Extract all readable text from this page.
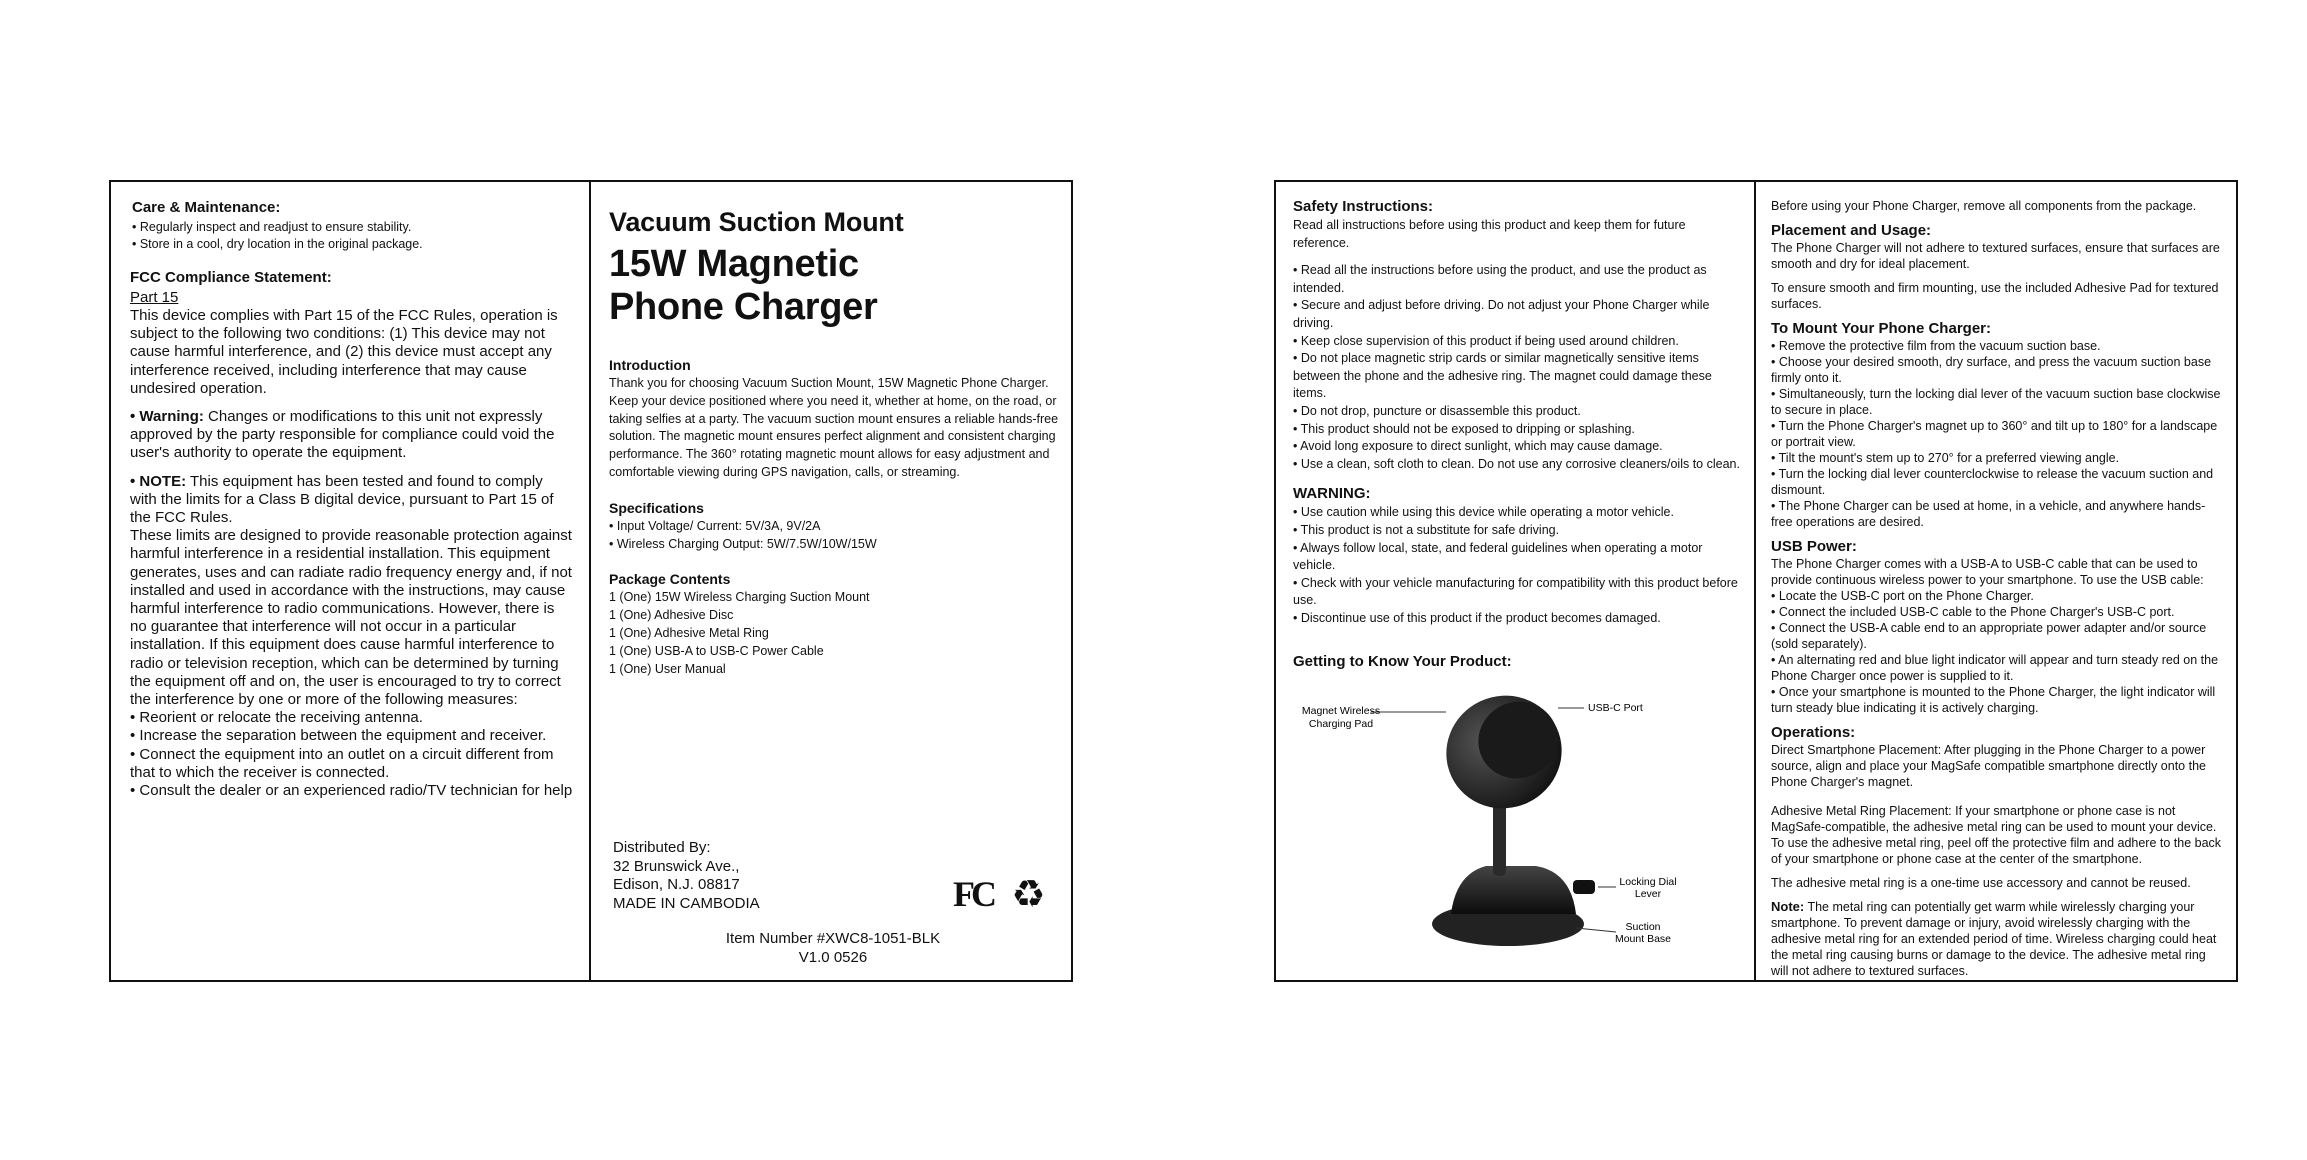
Care & Maintenance:
• Regularly inspect and readjust to ensure stability.
• Store in a cool, dry location in the original package.
FCC Compliance Statement:
Part 15

This device complies with Part 15 of the FCC Rules, operation is subject to the following two conditions: (1) This device may not cause harmful interference, and (2) this device must accept any interference received, including interference that may cause undesired operation.

• Warning: Changes or modifications to this unit not expressly approved by the party responsible for compliance could void the user's authority to operate the equipment.

• NOTE: This equipment has been tested and found to comply with the limits for a Class B digital device, pursuant to Part 15 of the FCC Rules.

These limits are designed to provide reasonable protection against harmful interference in a residential installation. This equipment generates, uses and can radiate radio frequency energy and, if not installed and used in accordance with the instructions, may cause harmful interference to radio communications. However, there is no guarantee that interference will not occur in a particular installation. If this equipment does cause harmful interference to radio or television reception, which can be determined by turning the equipment off and on, the user is encouraged to try to correct the interference by one or more of the following measures:

• Reorient or relocate the receiving antenna.

• Increase the separation between the equipment and receiver.

• Connect the equipment into an outlet on a circuit different from that to which the receiver is connected.

• Consult the dealer or an experienced radio/TV technician for help

Vacuum Suction Mount
15W Magnetic
Phone Charger
Introduction

Thank you for choosing Vacuum Suction Mount, 15W Magnetic Phone Charger. Keep your device positioned where you need it, whether at home, on the road, or taking selfies at a party. The vacuum suction mount ensures a reliable hands-free solution. The magnetic mount ensures perfect alignment and consistent charging performance. The 360° rotating magnetic mount allows for easy adjustment and comfortable viewing during GPS navigation, calls, or streaming.

Specifications

• Input Voltage/ Current: 5V/3A, 9V/2A

• Wireless Charging Output: 5W/7.5W/10W/15W

Package Contents

1 (One) 15W Wireless Charging Suction Mount

1 (One) Adhesive Disc

1 (One) Adhesive Metal Ring

1 (One) USB-A to USB-C Power Cable

1 (One) User Manual

Distributed By:
32 Brunswick Ave.,
Edison, N.J. 08817
MADE IN CAMBODIA	FC ♻
Item Number #XWC8-1051-BLK
V1.0 0526
Safety Instructions:

Read all instructions before using this product and keep them for future reference.

• Read all the instructions before using the product, and use the product as intended.

• Secure and adjust before driving. Do not adjust your Phone Charger while driving.

• Keep close supervision of this product if being used around children.

• Do not place magnetic strip cards or similar magnetically sensitive items between the phone and the adhesive ring. The magnet could damage these items.

• Do not drop, puncture or disassemble this product.

• This product should not be exposed to dripping or splashing.

• Avoid long exposure to direct sunlight, which may cause damage.

• Use a clean, soft cloth to clean. Do not use any corrosive cleaners/oils to clean.

WARNING:

• Use caution while using this device while operating a motor vehicle.

• This product is not a substitute for safe driving.

• Always follow local, state, and federal guidelines when operating a motor vehicle.

• Check with your vehicle manufacturing for compatibility with this product before use.

• Discontinue use of this product if the product becomes damaged.

Getting to Know Your Product:
Magnet Wireless
Charging Pad
USB-C Port
Locking Dial
Lever
Suction
Mount Base

Before using your Phone Charger, remove all components from the package.

Placement and Usage:

The Phone Charger will not adhere to textured surfaces, ensure that surfaces are smooth and dry for ideal placement.

To ensure smooth and firm mounting, use the included Adhesive Pad for textured surfaces.

To Mount Your Phone Charger:

• Remove the protective film from the vacuum suction base.

• Choose your desired smooth, dry surface, and press the vacuum suction base firmly onto it.

• Simultaneously, turn the locking dial lever of the vacuum suction base clockwise to secure in place.

• Turn the Phone Charger's magnet up to 360° and tilt up to 180° for a landscape or portrait view.

• Tilt the mount's stem up to 270° for a preferred viewing angle.

• Turn the locking dial lever counterclockwise to release the vacuum suction and dismount.

• The Phone Charger can be used at home, in a vehicle, and anywhere hands-free operations are desired.

USB Power:

The Phone Charger comes with a USB-A to USB-C cable that can be used to provide continuous wireless power to your smartphone. To use the USB cable:

• Locate the USB-C port on the Phone Charger.

• Connect the included USB-C cable to the Phone Charger's USB-C port.

• Connect the USB-A cable end to an appropriate power adapter and/or source (sold separately).

• An alternating red and blue light indicator will appear and turn steady red on the Phone Charger once power is supplied to it.

• Once your smartphone is mounted to the Phone Charger, the light indicator will turn steady blue indicating it is actively charging.

Operations:

Direct Smartphone Placement: After plugging in the Phone Charger to a power source, align and place your MagSafe compatible smartphone directly onto the Phone Charger's magnet.

Adhesive Metal Ring Placement: If your smartphone or phone case is not MagSafe-compatible, the adhesive metal ring can be used to mount your device. To use the adhesive metal ring, peel off the protective film and adhere to the back of your smartphone or phone case at the center of the smartphone.

The adhesive metal ring is a one-time use accessory and cannot be reused.

Note: The metal ring can potentially get warm while wirelessly charging your smartphone. To prevent damage or injury, avoid wirelessly charging with the adhesive metal ring for an extended period of time. Wireless charging could heat the metal ring causing burns or damage to the device. The adhesive metal ring will not adhere to textured surfaces.
